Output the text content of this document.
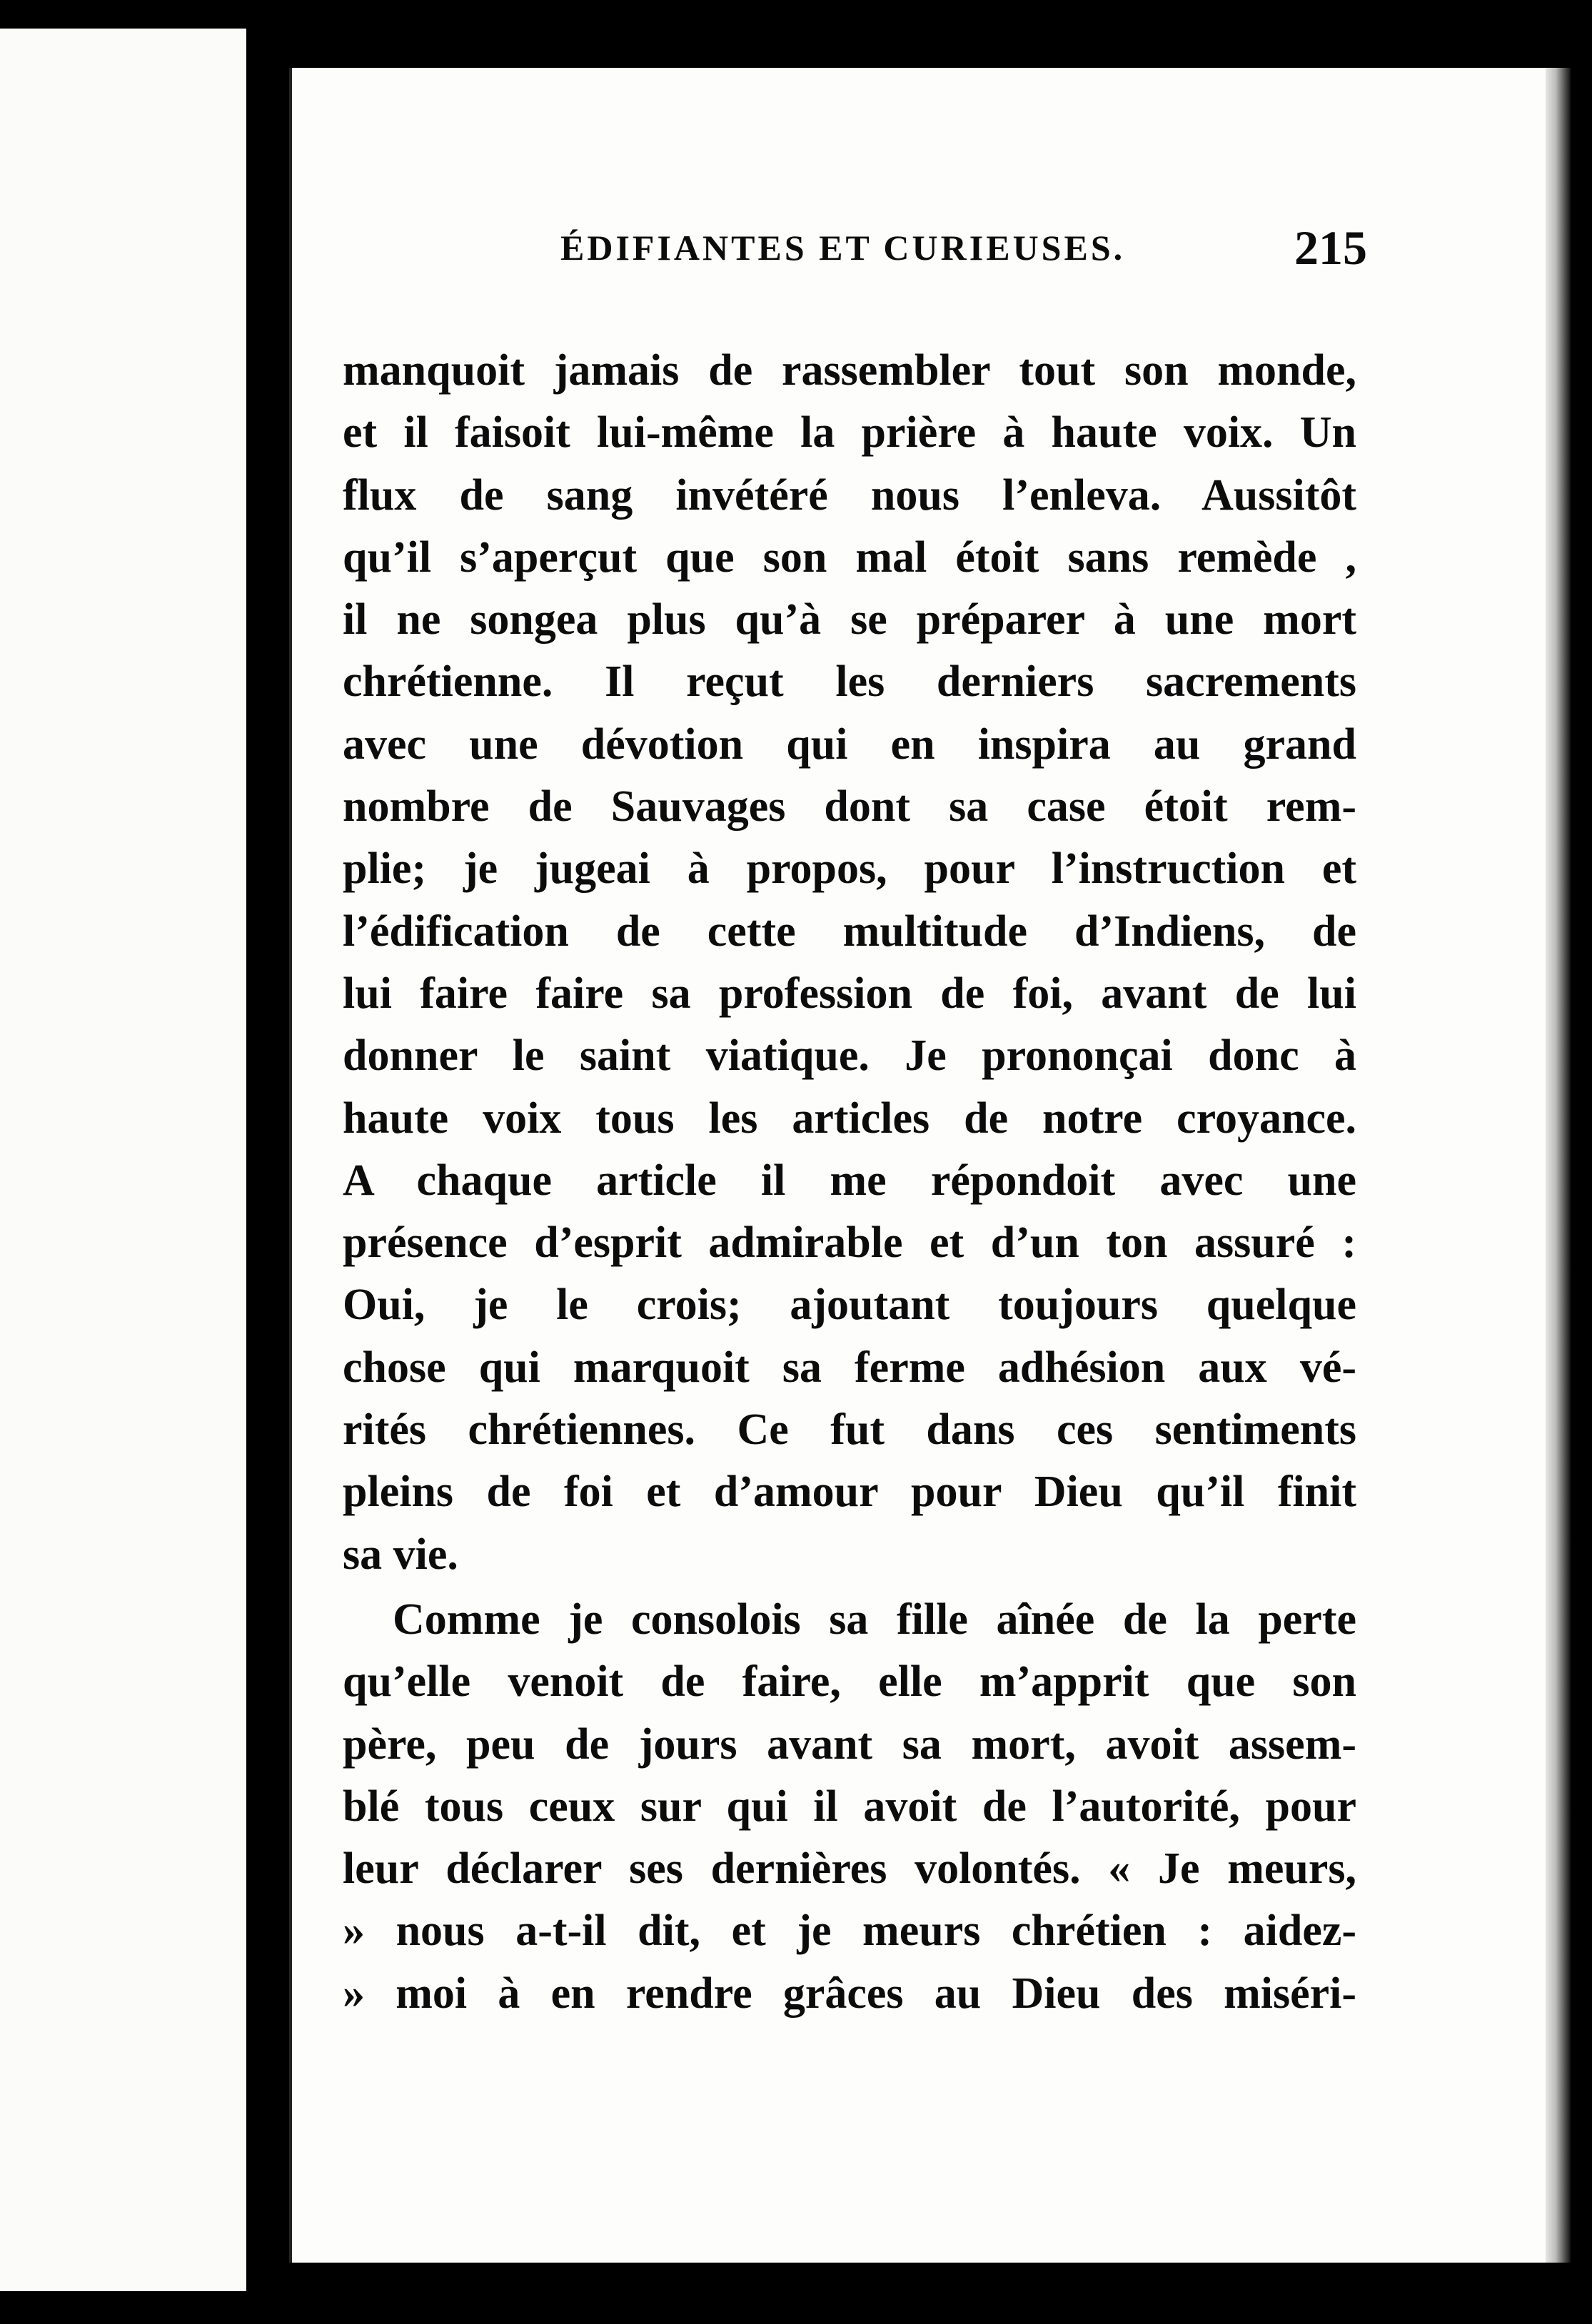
ÉDIFIANTES ET CURIEUSES.	215
manquoit jamais de rassembler tout son monde,
et il faisoit lui-même la prière à haute voix. Un
flux de sang invétéré nous l’enleva. Aussitôt
qu’il s’aperçut que son mal étoit sans remède ,
il ne songea plus qu’à se préparer à une mort
chrétienne. Il reçut les derniers sacrements
avec une dévotion qui en inspira au grand
nombre de Sauvages dont sa case étoit rem-
plie; je jugeai à propos, pour l’instruction et
l’édification de cette multitude d’Indiens, de
lui faire faire sa profession de foi, avant de lui
donner le saint viatique. Je prononçai donc à
haute voix tous les articles de notre croyance.
A chaque article il me répondoit avec une
présence d’esprit admirable et d’un ton assuré :
Oui, je le crois; ajoutant toujours quelque
chose qui marquoit sa ferme adhésion aux vé-
rités chrétiennes. Ce fut dans ces sentiments
pleins de foi et d’amour pour Dieu qu’il finit
sa vie.
Comme je consolois sa fille aînée de la perte
qu’elle venoit de faire, elle m’apprit que son
père, peu de jours avant sa mort, avoit assem-
blé tous ceux sur qui il avoit de l’autorité, pour
leur déclarer ses dernières volontés. « Je meurs,
» nous a-t-il dit, et je meurs chrétien : aidez-
» moi à en rendre grâces au Dieu des miséri-
